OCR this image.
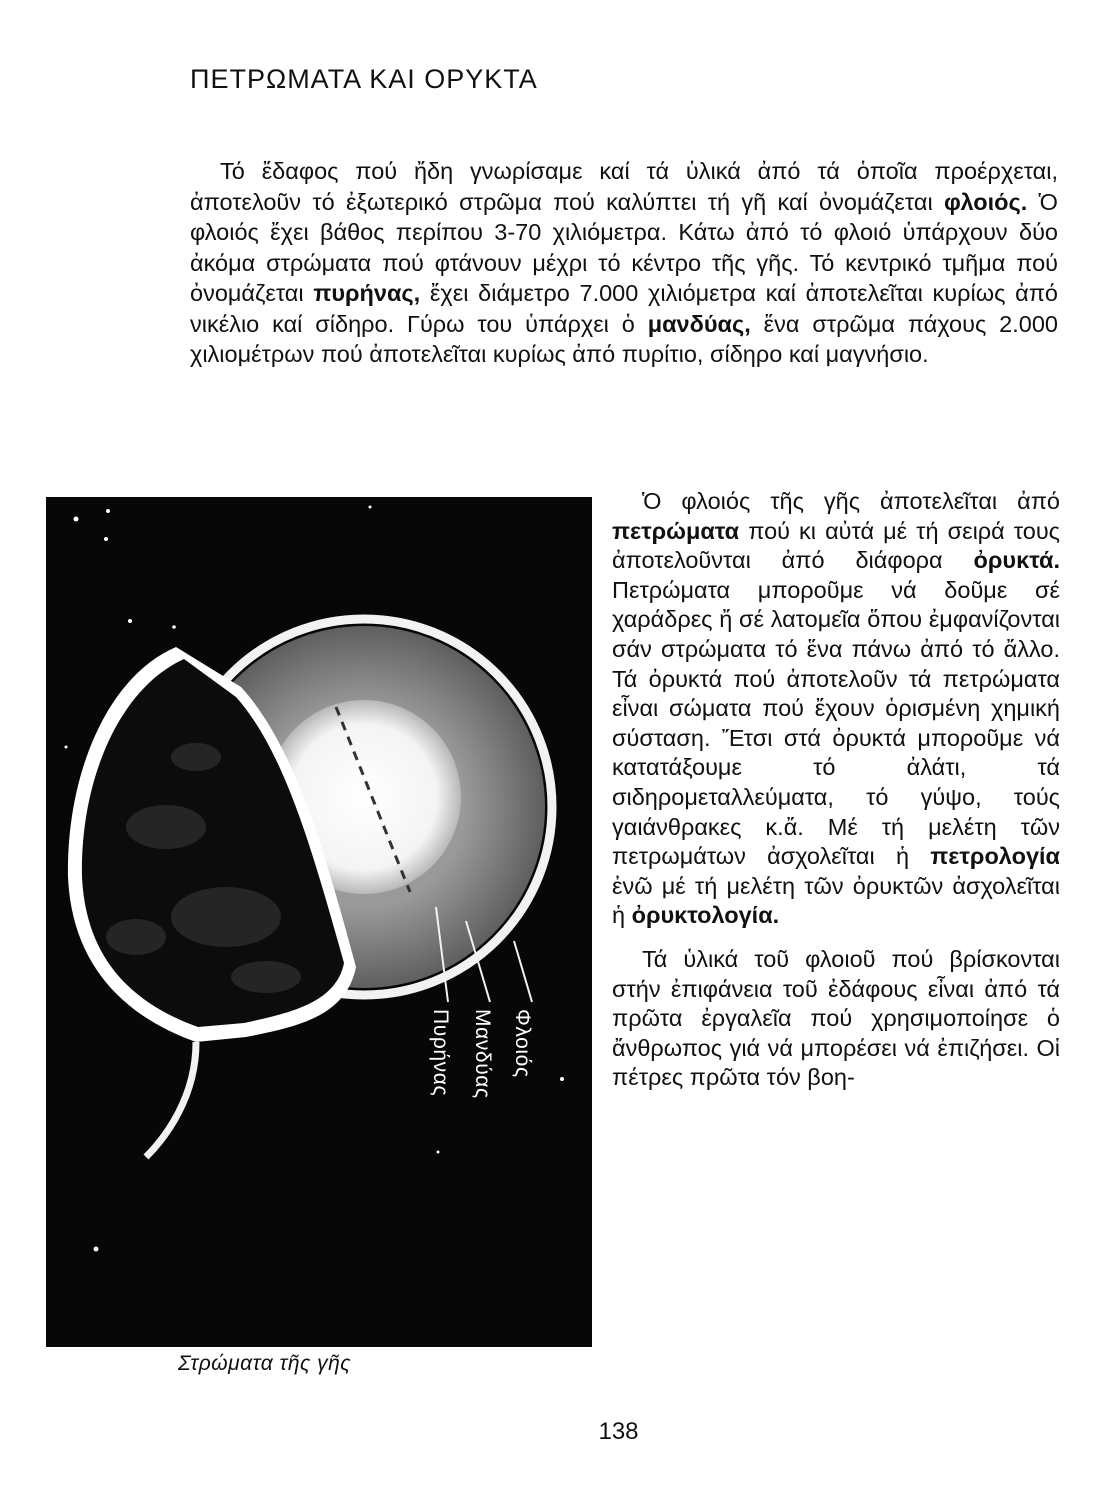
ΠΕΤΡΩΜΑΤΑ ΚΑΙ ΟΡΥΚΤΑ

Τό ἔδαφος πού ἤδη γνωρίσαμε καί τά ὑλικά ἀπό τά ὁποῖα προέρχεται, ἀποτελοῦν τό ἐξωτερικό στρῶμα πού καλύπτει τή γῆ καί ὀνομάζεται φλοιός. Ὁ φλοιός ἔχει βάθος περίπου 3-70 χιλιόμετρα. Κάτω ἀπό τό φλοιό ὑπάρχουν δύο ἀκόμα στρώματα πού φτάνουν μέχρι τό κέντρο τῆς γῆς. Τό κεντρικό τμῆμα πού ὀνομάζεται πυρήνας, ἔχει διάμετρο 7.000 χιλιόμετρα καί ἀποτελεῖται κυρίως ἀπό νικέλιο καί σίδηρο. Γύρω του ὑπάρχει ὁ μανδύας, ἕνα στρῶμα πάχους 2.000 χιλιομέτρων πού ἀποτελεῖται κυρίως ἀπό πυρίτιο, σίδηρο καί μαγνήσιο.

Φλοιός
Μανδύας
Πυρήνας

Ὁ φλοιός τῆς γῆς ἀποτελεῖται ἀπό πετρώματα πού κι αὐτά μέ τή σειρά τους ἀποτελοῦνται ἀπό διάφορα ὀρυκτά. Πετρώματα μποροῦμε νά δοῦμε σέ χαράδρες ἤ σέ λατομεῖα ὅπου ἐμφανίζονται σάν στρώματα τό ἕνα πάνω ἀπό τό ἄλλο. Τά ὀρυκτά πού ἀποτελοῦν τά πετρώματα εἶναι σώματα πού ἔχουν ὁρισμένη χημική σύσταση. Ἔτσι στά ὀρυκτά μποροῦμε νά κατατάξουμε τό ἀλάτι, τά σιδηρομεταλλεύματα, τό γύψο, τούς γαιάνθρακες κ.ἄ. Μέ τή μελέτη τῶν πετρωμάτων ἀσχολεῖται ἡ πετρολογία ἐνῶ μέ τή μελέτη τῶν ὀρυκτῶν ἀσχολεῖται ἡ ὀρυκτολογία.

Τά ὑλικά τοῦ φλοιοῦ πού βρίσκονται στήν ἐπιφάνεια τοῦ ἐδάφους εἶναι ἀπό τά πρῶτα ἐργαλεῖα πού χρησιμοποίησε ὁ ἄνθρωπος γιά νά μπορέσει νά ἐπιζήσει. Οἱ πέτρες πρῶτα τόν βοη-

Στρώματα τῆς γῆς
138
